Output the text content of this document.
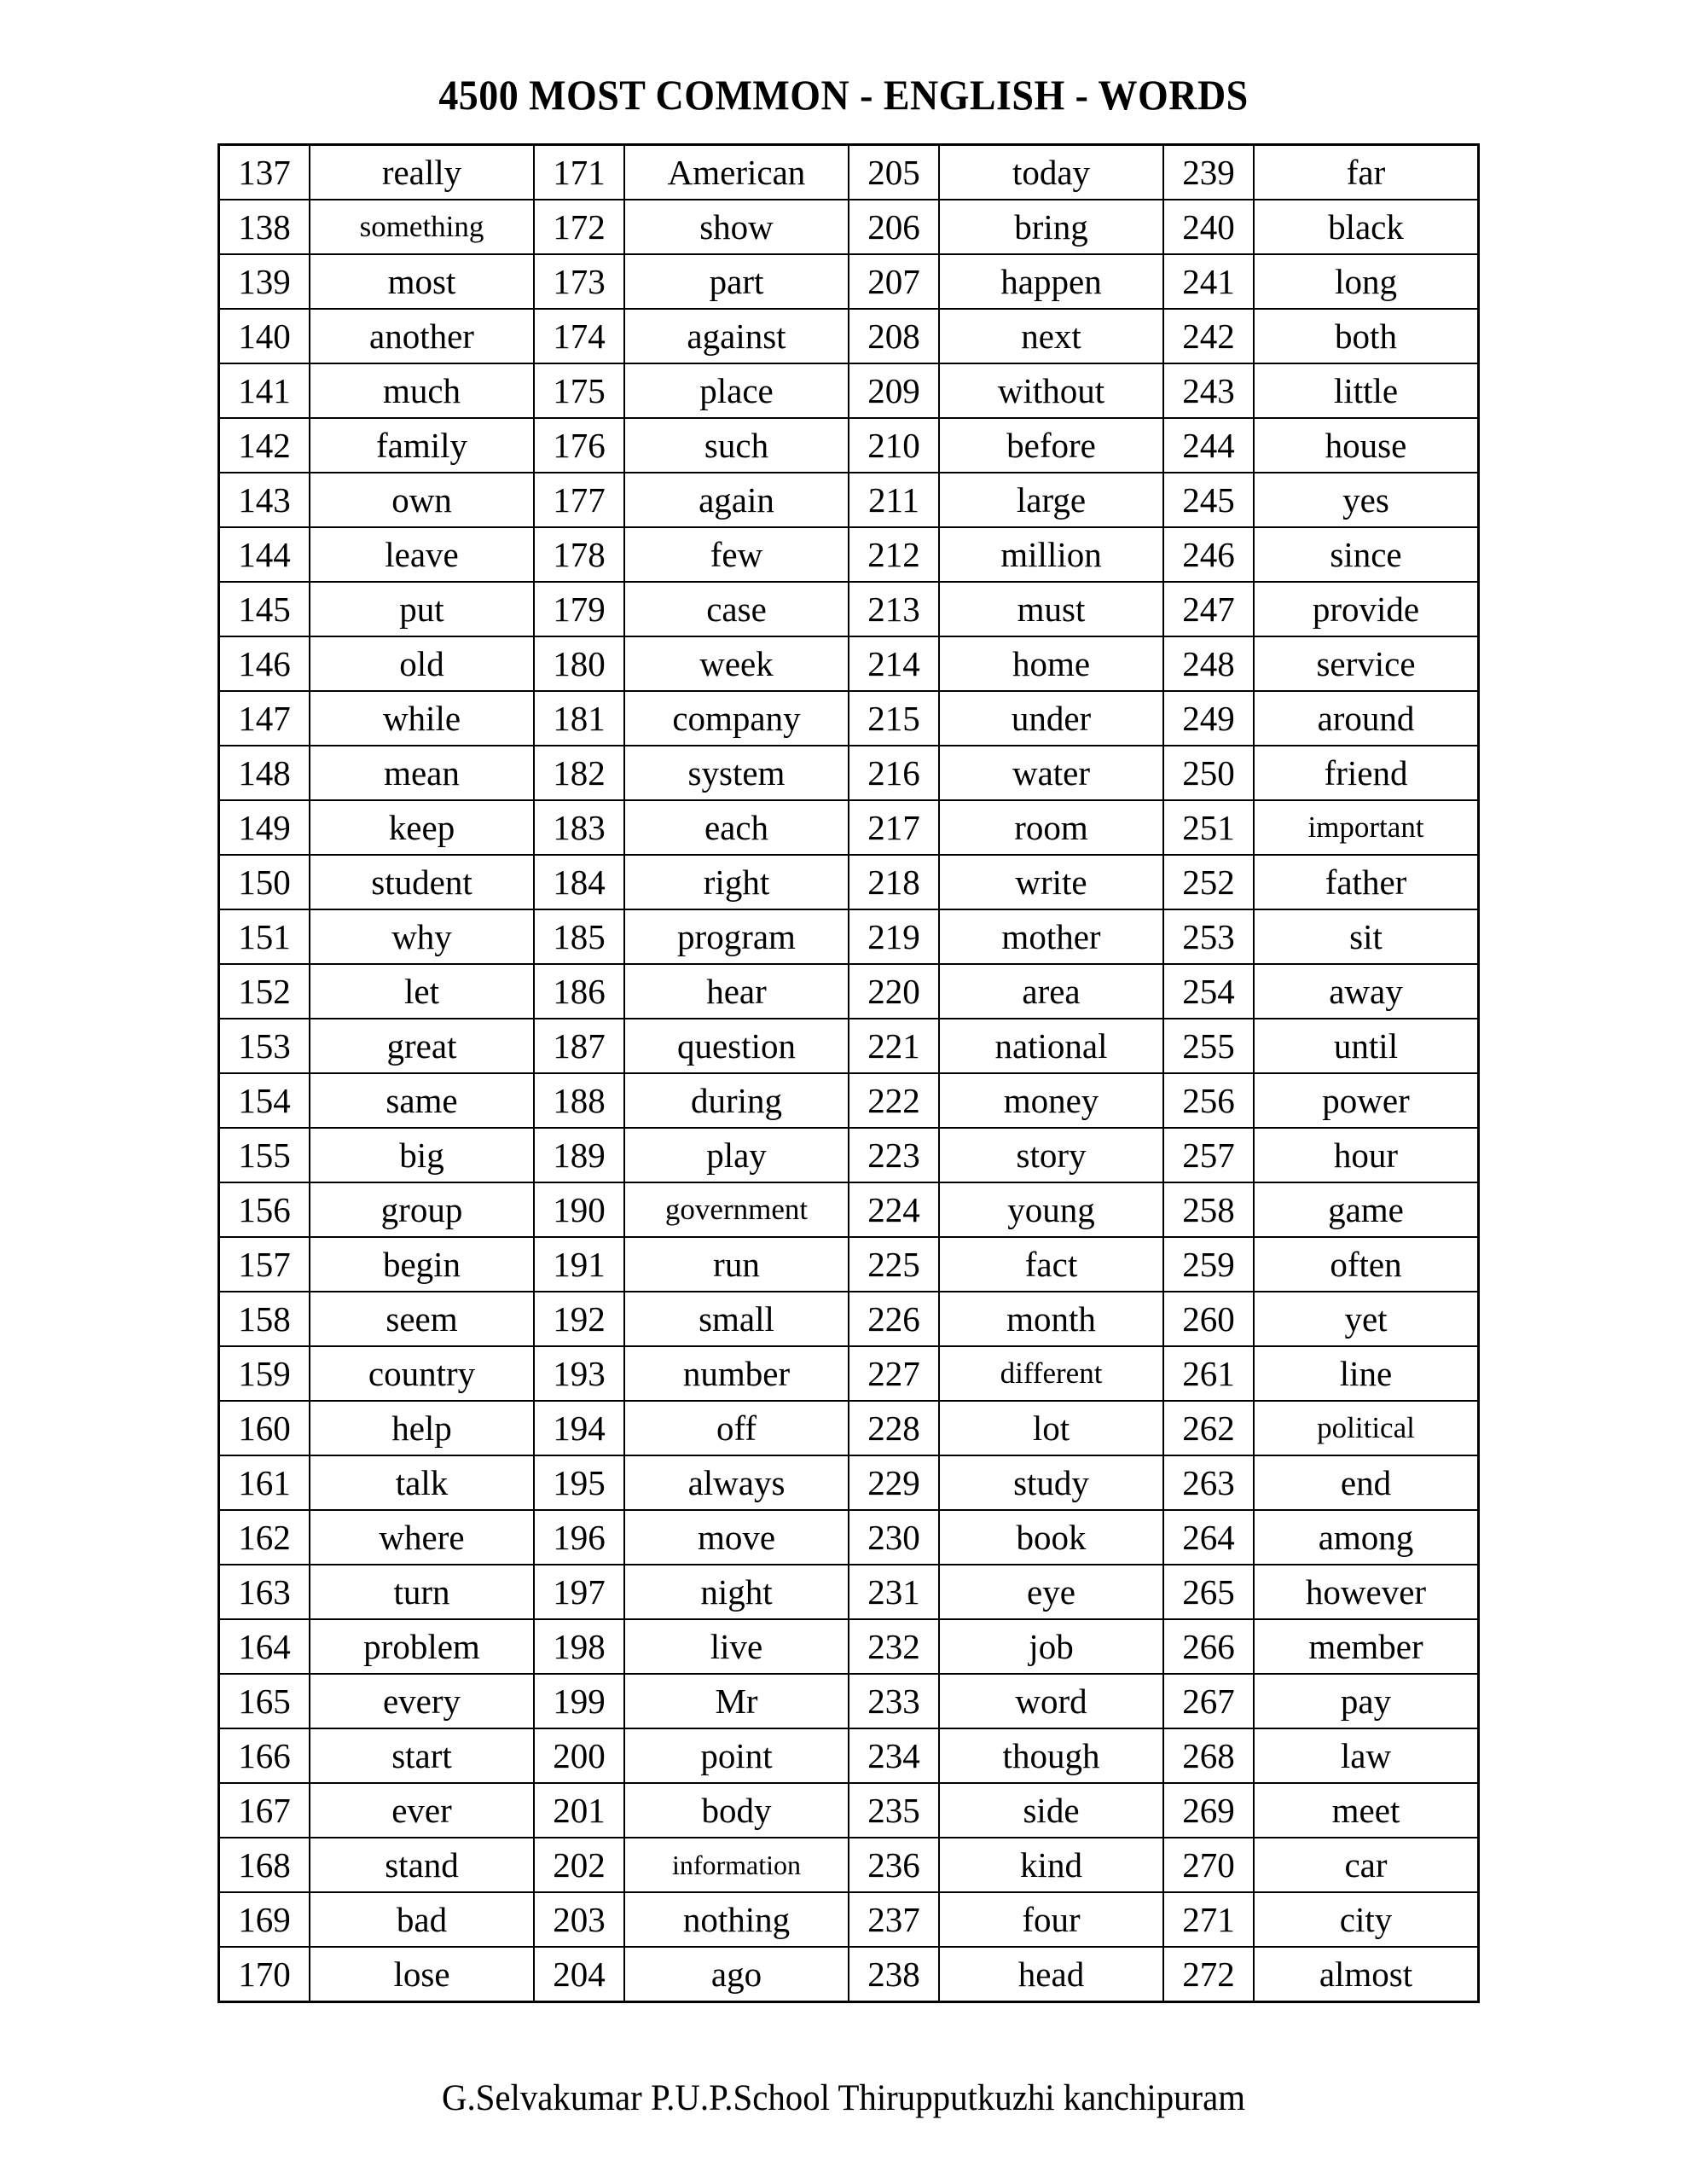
4500 MOST COMMON - ENGLISH - WORDS
137	really	171	American	205	today	239	far
138	something	172	show	206	bring	240	black
139	most	173	part	207	happen	241	long
140	another	174	against	208	next	242	both
141	much	175	place	209	without	243	little
142	family	176	such	210	before	244	house
143	own	177	again	211	large	245	yes
144	leave	178	few	212	million	246	since
145	put	179	case	213	must	247	provide
146	old	180	week	214	home	248	service
147	while	181	company	215	under	249	around
148	mean	182	system	216	water	250	friend
149	keep	183	each	217	room	251	important
150	student	184	right	218	write	252	father
151	why	185	program	219	mother	253	sit
152	let	186	hear	220	area	254	away
153	great	187	question	221	national	255	until
154	same	188	during	222	money	256	power
155	big	189	play	223	story	257	hour
156	group	190	government	224	young	258	game
157	begin	191	run	225	fact	259	often
158	seem	192	small	226	month	260	yet
159	country	193	number	227	different	261	line
160	help	194	off	228	lot	262	political
161	talk	195	always	229	study	263	end
162	where	196	move	230	book	264	among
163	turn	197	night	231	eye	265	however
164	problem	198	live	232	job	266	member
165	every	199	Mr	233	word	267	pay
166	start	200	point	234	though	268	law
167	ever	201	body	235	side	269	meet
168	stand	202	information	236	kind	270	car
169	bad	203	nothing	237	four	271	city
170	lose	204	ago	238	head	272	almost
G.Selvakumar P.U.P.School Thirupputkuzhi kanchipuram
